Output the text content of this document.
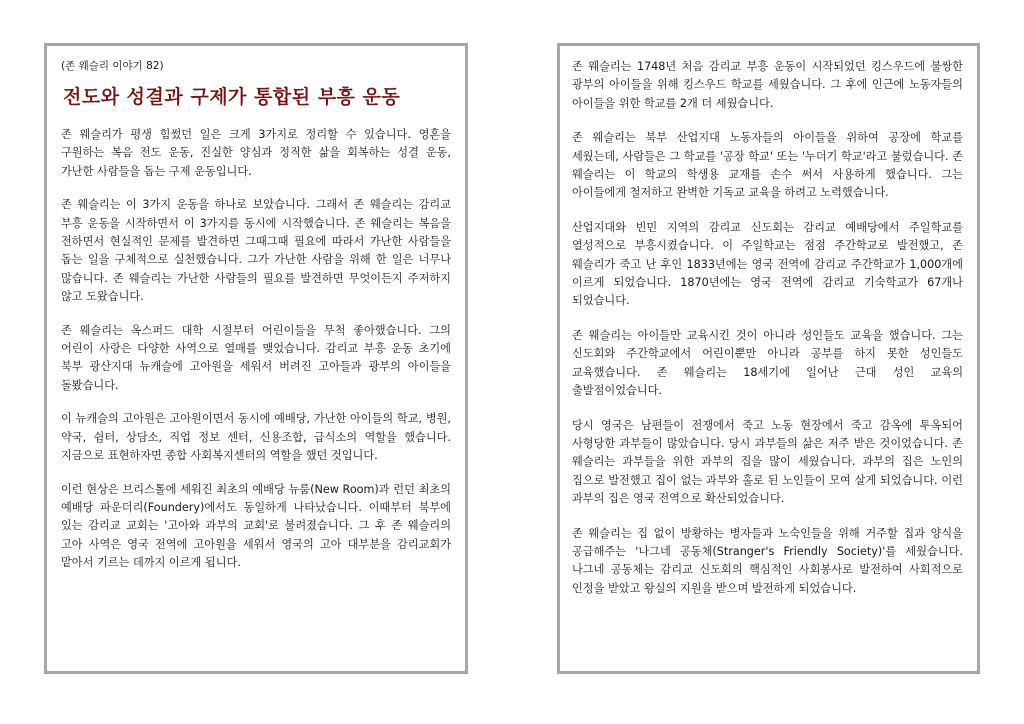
(존 웨슬리 이야기 82)
전도와 성결과 구제가 통합된 부흥 운동

존 웨슬리가 평생 힘썼던 일은 크게 3가지로 정리할 수 있습니다. 영혼을 구원하는 복음 전도 운동, 진실한 양심과 정직한 삶을 회복하는 성결 운동, 가난한 사람들을 돕는 구제 운동입니다.

존 웨슬리는 이 3가지 운동을 하나로 보았습니다. 그래서 존 웨슬리는 감리교 부흥 운동을 시작하면서 이 3가지를 동시에 시작했습니다. 존 웨슬리는 복음을 전하면서 현실적인 문제를 발견하면 그때그때 필요에 따라서 가난한 사람들을 돕는 일을 구체적으로 실천했습니다. 그가 가난한 사람을 위해 한 일은 너무나 많습니다. 존 웨슬리는 가난한 사람들의 필요를 발견하면 무엇이든지 주저하지 않고 도왔습니다.

존 웨슬리는 옥스퍼드 대학 시절부터 어린이들을 무척 좋아했습니다. 그의 어린이 사랑은 다양한 사역으로 열매를 맺었습니다. 감리교 부흥 운동 초기에 북부 광산지대 뉴캐슬에 고아원을 세워서 버려진 고아들과 광부의 아이들을 돌봤습니다.

이 뉴캐슬의 고아원은 고아원이면서 동시에 예배당, 가난한 아이들의 학교, 병원, 약국, 쉼터, 상담소, 직업 정보 센터, 신용조합, 급식소의 역할을 했습니다. 지금으로 표현하자면 종합 사회복지센터의 역할을 했던 것입니다.

이런 현상은 브리스톨에 세워진 최초의 예배당 뉴룸(New Room)과 런던 최초의 예배당 파운더리(Foundery)에서도 동일하게 나타났습니다. 이때부터 북부에 있는 감리교 교회는 '고아와 과부의 교회'로 불려졌습니다. 그 후 존 웨슬리의 고아 사역은 영국 전역에 고아원을 세워서 영국의 고아 대부분을 감리교회가 맡아서 기르는 데까지 이르게 됩니다.

존 웨슬리는 1748년 처음 감리교 부흥 운동이 시작되었던 킹스우드에 불쌍한 광부의 아이들을 위해 킹스우드 학교를 세웠습니다. 그 후에 인근에 노동자들의 아이들을 위한 학교를 2개 더 세웠습니다.

존 웨슬리는 북부 산업지대 노동자들의 아이들을 위하여 공장에 학교를 세웠는데, 사람들은 그 학교를 '공장 학교' 또는 '누더기 학교'라고 불렀습니다. 존 웨슬리는 이 학교의 학생용 교재를 손수 써서 사용하게 했습니다. 그는 아이들에게 철저하고 완벽한 기독교 교육을 하려고 노력했습니다.

산업지대와 빈민 지역의 감리교 신도회는 감리교 예배당에서 주일학교를 열성적으로 부흥시켰습니다. 이 주일학교는 점점 주간학교로 발전했고, 존 웨슬리가 죽고 난 후인 1833년에는 영국 전역에 감리교 주간학교가 1,000개에 이르게 되었습니다. 1870년에는 영국 전역에 감리교 기숙학교가 67개나 되었습니다.

존 웨슬리는 아이들만 교육시킨 것이 아니라 성인들도 교육을 했습니다. 그는 신도회와 주간학교에서 어린이뿐만 아니라 공부를 하지 못한 성인들도 교육했습니다. 존 웨슬리는 18세기에 일어난 근대 성인 교육의 출발점이었습니다.

당시 영국은 남편들이 전쟁에서 죽고 노동 현장에서 죽고 감옥에 투옥되어 사형당한 과부들이 많았습니다. 당시 과부들의 삶은 저주 받은 것이었습니다. 존 웨슬리는 과부들을 위한 과부의 집을 많이 세웠습니다. 과부의 집은 노인의 집으로 발전했고 집이 없는 과부와 홀로 된 노인들이 모여 살게 되었습니다. 이런 과부의 집은 영국 전역으로 확산되었습니다.

존 웨슬리는 집 없이 방황하는 병자들과 노숙인들을 위해 거주할 집과 양식을 공급해주는 '나그네 공동체(Stranger's Friendly Society)'를 세웠습니다. 나그네 공동체는 감리교 신도회의 핵심적인 사회봉사로 발전하여 사회적으로 인정을 받았고 왕실의 지원을 받으며 발전하게 되었습니다.
